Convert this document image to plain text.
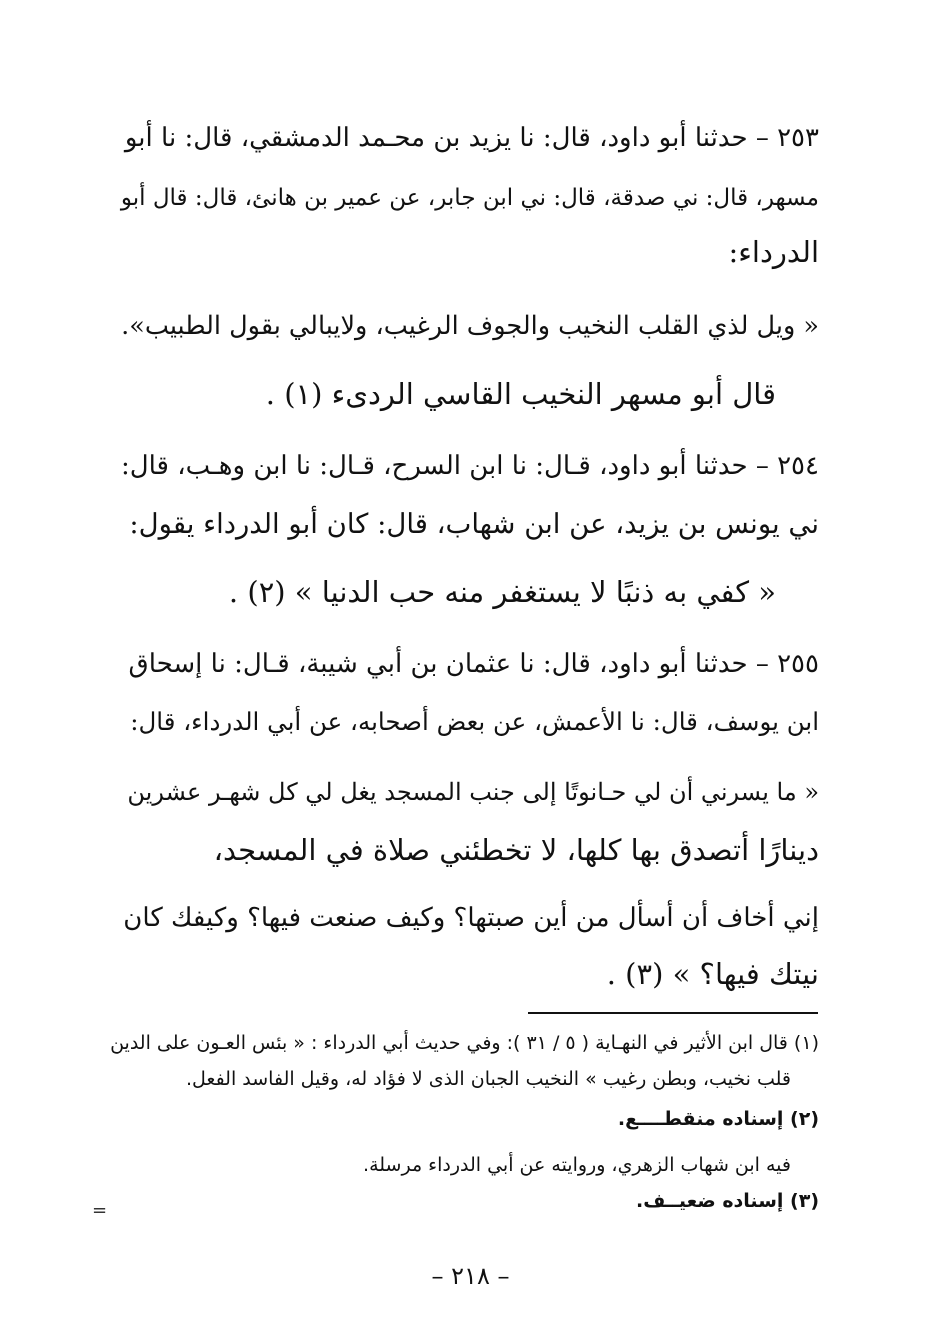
٢٥٣ – حدثنا أبو داود، قال: نا يزيد بن محـمد الدمشقي، قال: نا أبو
مسهر، قال: ني صدقة، قال: ني ابن جابر، عن عمير بن هانئ، قال: قال أبو
الدرداء:
« ويل لذي القلب النخيب والجوف الرغيب، ولايبالي بقول الطبيب».
قال أبو مسهر النخيب القاسي الردىء (١) .
٢٥٤ – حدثنا أبو داود، قـال: نا ابن السرح، قـال: نا ابن وهـب، قال:
ني يونس بن يزيد، عن ابن شهاب، قال: كان أبو الدرداء يقول:
« كفي به ذنبًا لا يستغفر منه حب الدنيا » (٢) .
٢٥٥ – حدثنا أبو داود، قال: نا عثمان بن أبي شيبة، قـال: نا إسحاق
ابن يوسف، قال: نا الأعمش، عن بعض أصحابه، عن أبي الدرداء، قال:
« ما يسرني أن لي حـانوتًا إلى جنب المسجد يغل لي كل شهـر عشرين
دينارًا أتصدق بها كلها، لا تخطئني صلاة في المسجد،
إني أخاف أن أسأل من أين صبتها؟ وكيف صنعت فيها؟ وكيفك كان
نيتك فيها؟ » (٣) .
(١) قال ابن الأثير في النهـاية ( ٥ / ٣١ ): وفي حديث أبي الدرداء : « بئس العـون على الدين
قلب نخيب، وبطن رغيب » النخيب الجبان الذى لا فؤاد له، وقيل الفاسد الفعل.
(٢) إسناده منقطــــع.
فيه ابن شهاب الزهري، وروايته عن أبي الدرداء مرسلة.
(٣) إسناده ضعيــف.
=
– ٢١٨ –
